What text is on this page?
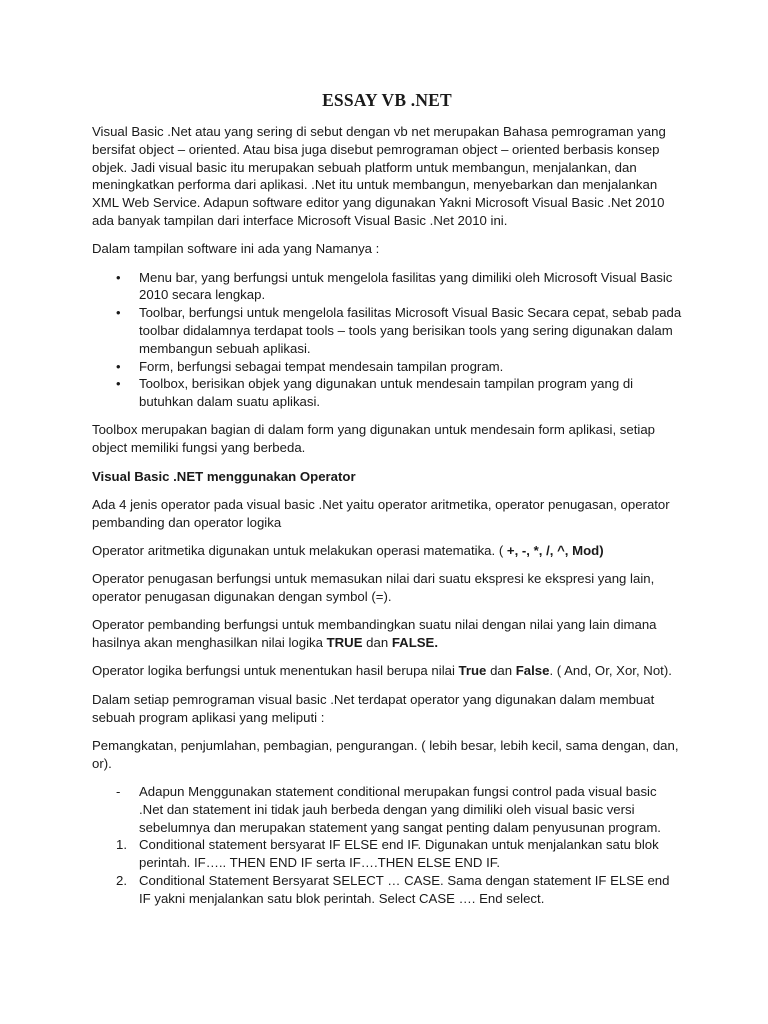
ESSAY VB .NET

Visual Basic .Net atau yang sering di sebut dengan vb net merupakan Bahasa pemrograman yang bersifat object – oriented. Atau bisa juga disebut pemrograman object – oriented berbasis konsep objek. Jadi visual basic itu merupakan sebuah platform untuk membangun, menjalankan, dan meningkatkan performa dari aplikasi. .Net itu untuk membangun, menyebarkan dan menjalankan XML Web Service. Adapun software editor yang digunakan Yakni Microsoft Visual Basic .Net 2010 ada banyak tampilan dari interface Microsoft Visual Basic .Net 2010 ini.

Dalam tampilan software ini ada yang Namanya :

• Menu bar, yang berfungsi untuk mengelola fasilitas yang dimiliki oleh Microsoft Visual Basic 2010 secara lengkap.
• Toolbar, berfungsi untuk mengelola fasilitas Microsoft Visual Basic Secara cepat, sebab pada toolbar didalamnya terdapat tools – tools yang berisikan tools yang sering digunakan dalam membangun sebuah aplikasi.
• Form, berfungsi sebagai tempat mendesain tampilan program.
• Toolbox, berisikan objek yang digunakan untuk mendesain tampilan program yang di butuhkan dalam suatu aplikasi.

Toolbox merupakan bagian di dalam form yang digunakan untuk mendesain form aplikasi, setiap object memiliki fungsi yang berbeda.

Visual Basic .NET menggunakan Operator

Ada 4 jenis operator pada visual basic .Net yaitu operator aritmetika, operator penugasan, operator pembanding dan operator logika

Operator aritmetika digunakan untuk melakukan operasi matematika. ( +, -, *, /, ^, Mod)

Operator penugasan berfungsi untuk memasukan nilai dari suatu ekspresi ke ekspresi yang lain, operator penugasan digunakan dengan symbol (=).

Operator pembanding berfungsi untuk membandingkan suatu nilai dengan nilai yang lain dimana hasilnya akan menghasilkan nilai logika TRUE dan FALSE.

Operator logika berfungsi untuk menentukan hasil berupa nilai True dan False. ( And, Or, Xor, Not).

Dalam setiap pemrograman visual basic .Net terdapat operator yang digunakan dalam membuat sebuah program aplikasi yang meliputi :

Pemangkatan, penjumlahan, pembagian, pengurangan. ( lebih besar, lebih kecil, sama dengan, dan, or).

- Adapun Menggunakan statement conditional merupakan fungsi control pada visual basic .Net dan statement ini tidak jauh berbeda dengan yang dimiliki oleh visual basic versi sebelumnya dan merupakan statement yang sangat penting dalam penyusunan program.
1. Conditional statement bersyarat IF ELSE end IF. Digunakan untuk menjalankan satu blok perintah. IF….. THEN END IF serta IF….THEN ELSE END IF.
2. Conditional Statement Bersyarat SELECT … CASE. Sama dengan statement IF ELSE end IF yakni menjalankan satu blok perintah. Select CASE …. End select.
